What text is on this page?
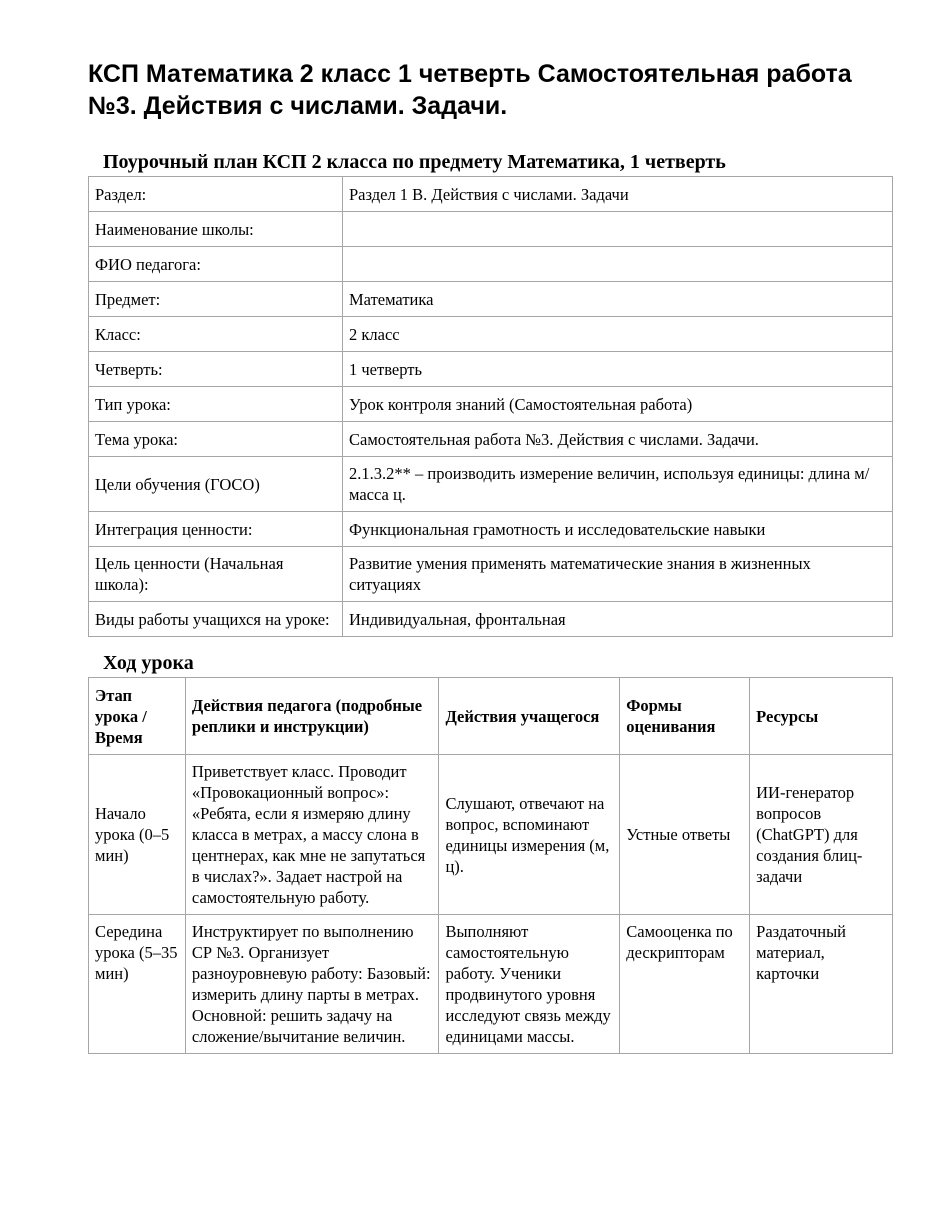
КСП Математика 2 класс 1 четверть Самостоятельная работа №3. Действия с числами. Задачи.
Поурочный план КСП 2 класса по предмету Математика, 1 четверть
Раздел:	Раздел 1 В. Действия с числами. Задачи
Наименование школы:	
ФИО педагога:	
Предмет:	Математика
Класс:	2 класс
Четверть:	1 четверть
Тип урока:	Урок контроля знаний (Самостоятельная работа)
Тема урока:	Самостоятельная работа №3. Действия с числами. Задачи.
Цели обучения (ГОСО)	2.1.3.2** – производить измерение величин, используя единицы: длина м/ масса ц.
Интеграция ценности:	Функциональная грамотность и исследовательские навыки
Цель ценности (Начальная школа):	Развитие умения применять математические знания в жизненных ситуациях
Виды работы учащихся на уроке:	Индивидуальная, фронтальная
Ход урока
Этап урока / Время	Действия педагога (подробные реплики и инструкции)	Действия учащегося	Формы оценивания	Ресурсы
Начало урока (0–5 мин)	Приветствует класс. Проводит «Провокационный вопрос»: «Ребята, если я измеряю длину класса в метрах, а массу слона в центнерах, как мне не запутаться в числах?». Задает настрой на самостоятельную работу.	Слушают, отвечают на вопрос, вспоминают единицы измерения (м, ц).	Устные ответы	ИИ-генератор вопросов (ChatGPT) для создания блиц-задачи
Середина урока (5–35 мин)	Инструктирует по выполнению СР №3. Организует разноуровневую работу: Базовый: измерить длину парты в метрах. Основной: решить задачу на сложение/вычитание величин.	Выполняют самостоятельную работу. Ученики продвинутого уровня исследуют связь между единицами массы.	Самооценка по дескрипторам	Раздаточный материал, карточки
